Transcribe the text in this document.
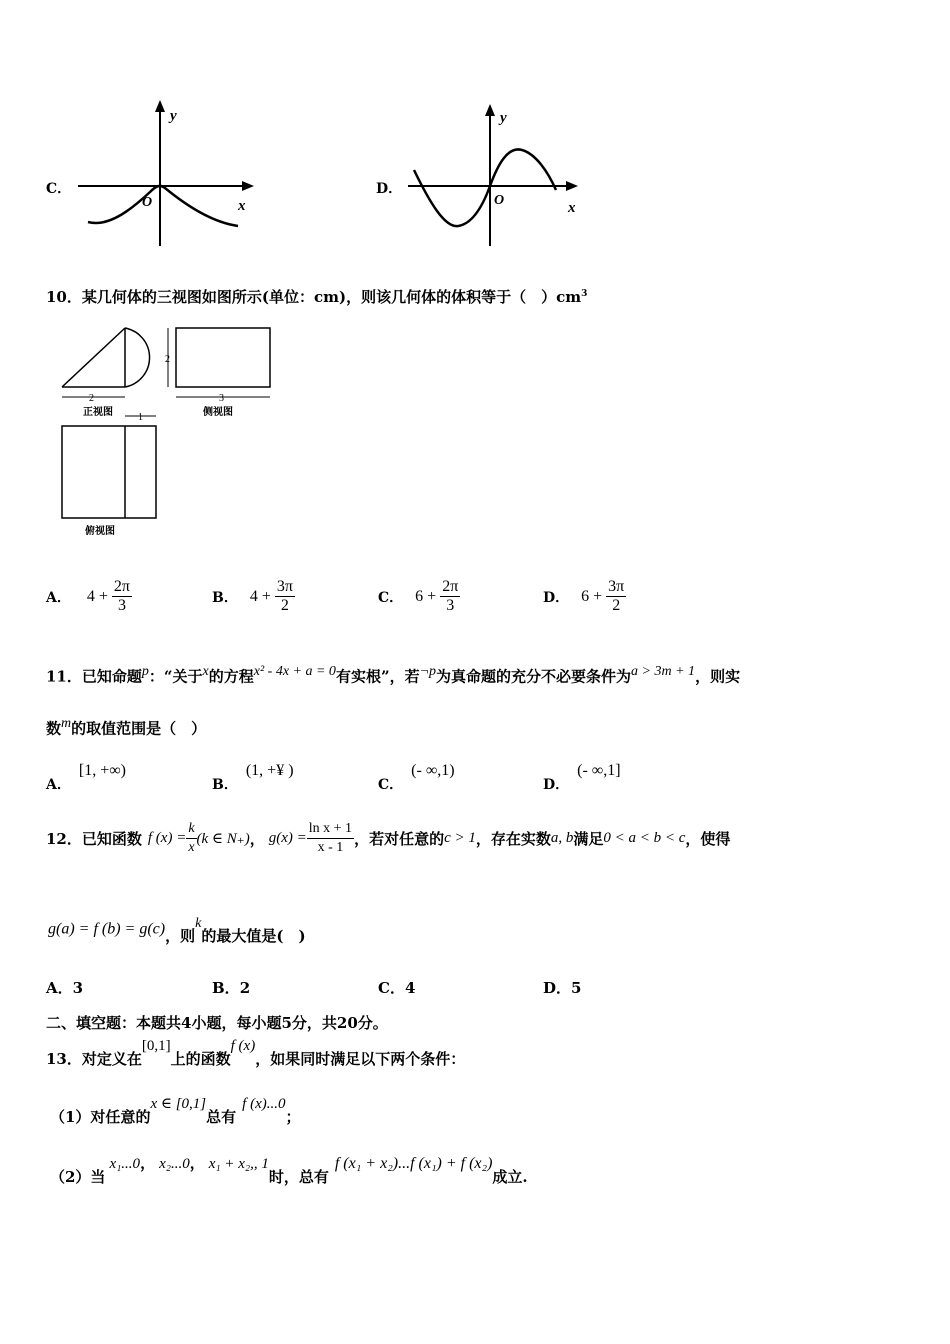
C．
y
x
O
D．
y
x
O
10．某几何体的三视图如图所示(单位：cm)，则该几何体的体积等于（　）$cm^3$
2
正视图
2
3
侧视图
1
俯视图
A． $4 + \frac{2\pi}{3}$	B． $4 + \frac{3\pi}{2}$	C． $6 + \frac{2\pi}{3}$	D． $6 + \frac{3\pi}{2}$
11．已知命题$^p$：“关于$^x$的方程$^{x^2 - 4x + a = 0}$有实根”，若$^{\neg p}$为真命题的充分不必要条件为$^{a > 3m + 1}$，则实
数$^m$的取值范围是（　）
A．[1, +∞)
B．(1, +¥ )
C．(- ∞,1)
D．(- ∞,1]
12．已知函数 f $(x) = \frac{k}{x} (k$ ∈ N₊) ， $g(x) = \frac{\text{ln x + 1}}{x - 1}$ ，若对任意的 c > 1 ，存在实数 a, b 满足 0 < a < b < c ，使得
g(a) = f (b) = g(c)，则$^k$的最大值是(　)
A．3	B．2	C．4	D．5
二、填空题：本题共4小题，每小题5分，共20分。
13．对定义在[0,1]上的函数f (x)，如果同时满足以下两个条件：
（1）对任意的x ∈ [0,1]总有f (x)...0；
（2）当x₁...0， x₂...0， x₁ + x₂,, 1时，总有f (x₁ + x₂)...f (x₁) + f (x₂)成立.
